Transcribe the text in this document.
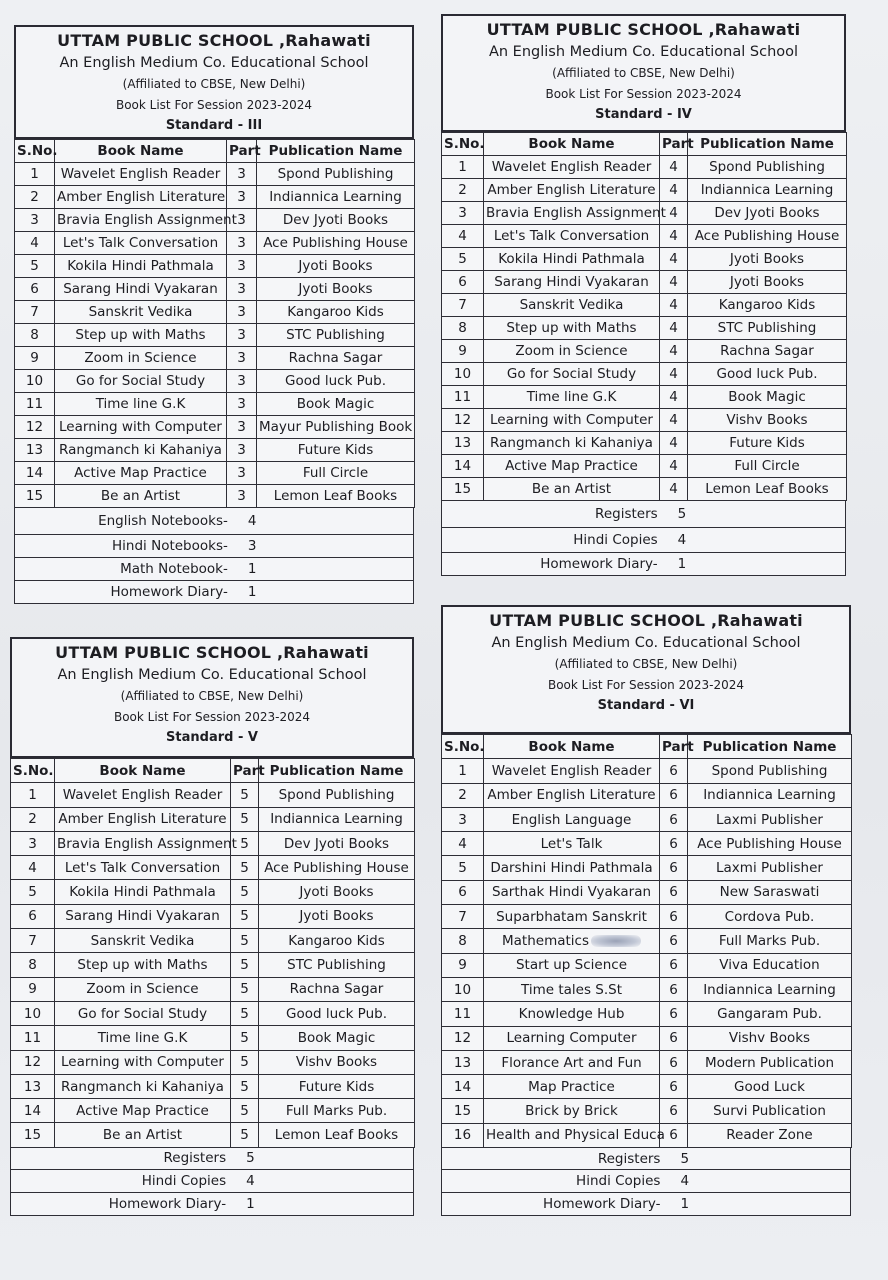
UTTAM PUBLIC SCHOOL ,Rahawati
An English Medium Co. Educational School
(Affiliated to CBSE, New Delhi)
Book List For Session 2023-2024
Standard - III
S.No.	Book Name	Part	Publication Name
1	Wavelet English Reader	3	Spond Publishing
2	Amber English Literature	3	Indiannica Learning
3	Bravia English Assignment	3	Dev Jyoti Books
4	Let's Talk Conversation	3	Ace Publishing House
5	Kokila Hindi Pathmala	3	Jyoti Books
6	Sarang Hindi Vyakaran	3	Jyoti Books
7	Sanskrit Vedika	3	Kangaroo Kids
8	Step up with Maths	3	STC Publishing
9	Zoom in Science	3	Rachna Sagar
10	Go for Social Study	3	Good luck Pub.
11	Time line G.K	3	Book Magic
12	Learning with Computer	3	Mayur Publishing Book
13	Rangmanch ki Kahaniya	3	Future Kids
14	Active Map Practice	3	Full Circle
15	Be an Artist	3	Lemon Leaf Books
English Notebooks-	4
Hindi Notebooks-	3
Math Notebook-	1
Homework Diary-	1
UTTAM PUBLIC SCHOOL ,Rahawati
An English Medium Co. Educational School
(Affiliated to CBSE, New Delhi)
Book List For Session 2023-2024
Standard - IV
S.No.	Book Name	Part	Publication Name
1	Wavelet English Reader	4	Spond Publishing
2	Amber English Literature	4	Indiannica Learning
3	Bravia English Assignment	4	Dev Jyoti Books
4	Let's Talk Conversation	4	Ace Publishing House
5	Kokila Hindi Pathmala	4	Jyoti Books
6	Sarang Hindi Vyakaran	4	Jyoti Books
7	Sanskrit Vedika	4	Kangaroo Kids
8	Step up with Maths	4	STC Publishing
9	Zoom in Science	4	Rachna Sagar
10	Go for Social Study	4	Good luck Pub.
11	Time line G.K	4	Book Magic
12	Learning with Computer	4	Vishv Books
13	Rangmanch ki Kahaniya	4	Future Kids
14	Active Map Practice	4	Full Circle
15	Be an Artist	4	Lemon Leaf Books
Registers	5
Hindi Copies	4
Homework Diary-	1
UTTAM PUBLIC SCHOOL ,Rahawati
An English Medium Co. Educational School
(Affiliated to CBSE, New Delhi)
Book List For Session 2023-2024
Standard - V
S.No.	Book Name	Part	Publication Name
1	Wavelet English Reader	5	Spond Publishing
2	Amber English Literature	5	Indiannica Learning
3	Bravia English Assignment	5	Dev Jyoti Books
4	Let's Talk Conversation	5	Ace Publishing House
5	Kokila Hindi Pathmala	5	Jyoti Books
6	Sarang Hindi Vyakaran	5	Jyoti Books
7	Sanskrit Vedika	5	Kangaroo Kids
8	Step up with Maths	5	STC Publishing
9	Zoom in Science	5	Rachna Sagar
10	Go for Social Study	5	Good luck Pub.
11	Time line G.K	5	Book Magic
12	Learning with Computer	5	Vishv Books
13	Rangmanch ki Kahaniya	5	Future Kids
14	Active Map Practice	5	Full Marks Pub.
15	Be an Artist	5	Lemon Leaf Books
Registers	5
Hindi Copies	4
Homework Diary-	1
UTTAM PUBLIC SCHOOL ,Rahawati
An English Medium Co. Educational School
(Affiliated to CBSE, New Delhi)
Book List For Session 2023-2024
Standard - VI
S.No.	Book Name	Part	Publication Name
1	Wavelet English Reader	6	Spond Publishing
2	Amber English Literature	6	Indiannica Learning
3	English Language	6	Laxmi Publisher
4	Let's Talk	6	Ace Publishing House
5	Darshini Hindi Pathmala	6	Laxmi Publisher
6	Sarthak Hindi Vyakaran	6	New Saraswati
7	Suparbhatam Sanskrit	6	Cordova Pub.
8	Mathematics	6	Full Marks Pub.
9	Start up Science	6	Viva Education
10	Time tales S.St	6	Indiannica Learning
11	Knowledge Hub	6	Gangaram Pub.
12	Learning Computer	6	Vishv Books
13	Florance Art and Fun	6	Modern Publication
14	Map Practice	6	Good Luck
15	Brick by Brick	6	Survi Publication
16	Health and Physical Educa	6	Reader Zone
Registers	5
Hindi Copies	4
Homework Diary-	1
